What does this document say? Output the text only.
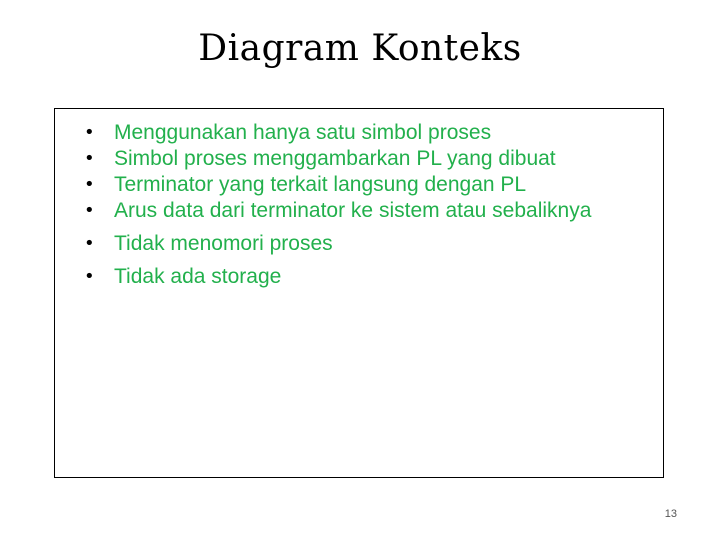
Diagram Konteks
• Menggunakan hanya satu simbol proses
• Simbol proses menggambarkan PL yang dibuat
• Terminator yang terkait langsung dengan PL
• Arus data dari terminator ke sistem atau sebaliknya
• Tidak menomori proses
• Tidak ada storage
13
